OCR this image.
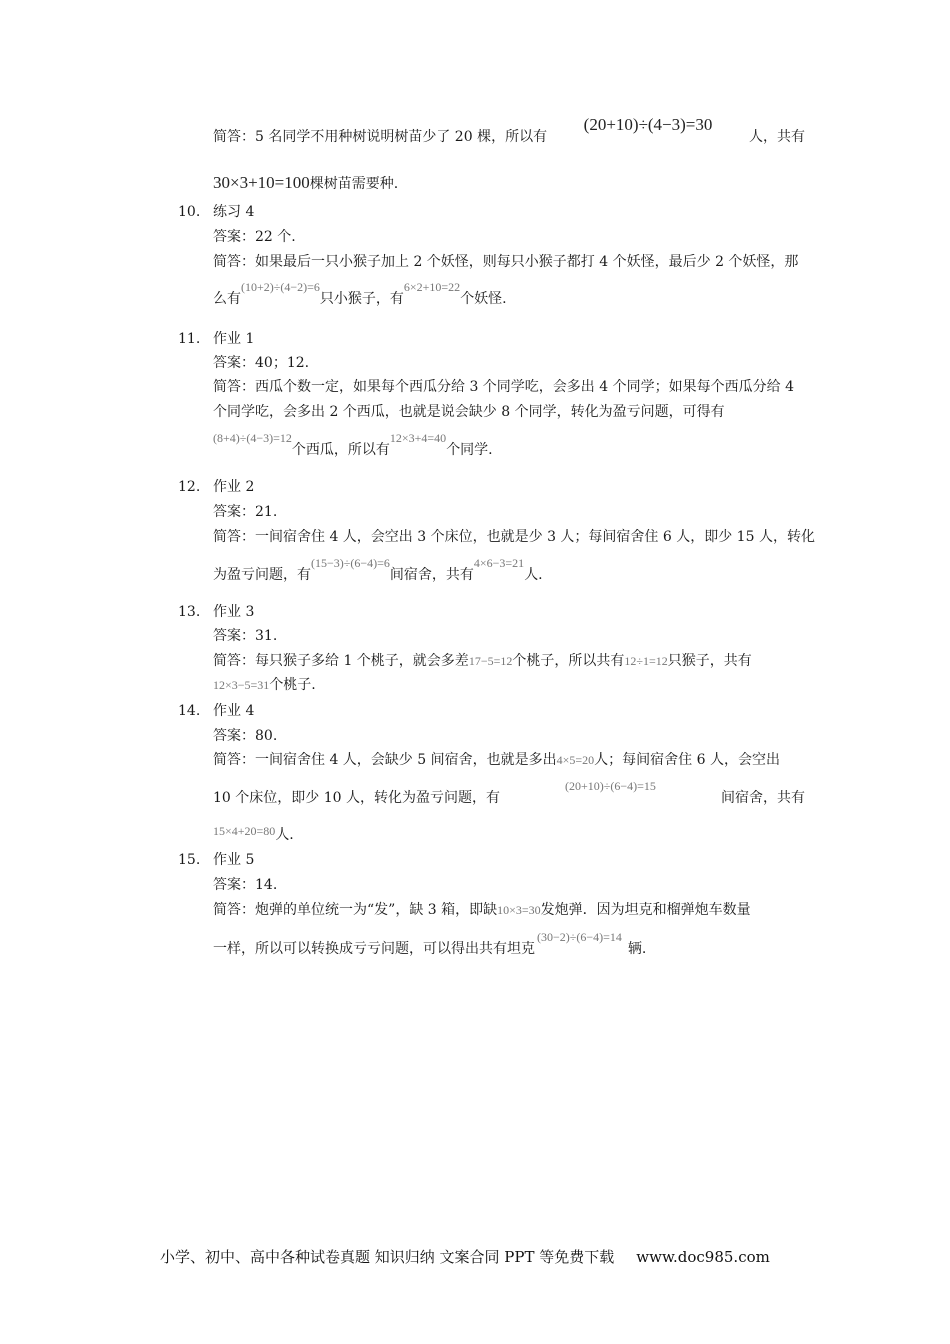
简答：5 名同学不用种树说明树苗少了 20 棵，所以有
(20+10)÷(4−3)=30
人，共有
30×3+10=100棵树苗需要种.
10. 练习 4
答案：22 个.
简答：如果最后一只小猴子加上 2 个妖怪，则每只小猴子都打 4 个妖怪，最后少 2 个妖怪，那
么有(10+2)÷(4−2)=6只小猴子，有6×2+10=22个妖怪.
11. 作业 1
答案：40；12.
简答：西瓜个数一定，如果每个西瓜分给 3 个同学吃，会多出 4 个同学；如果每个西瓜分给 4
个同学吃，会多出 2 个西瓜，也就是说会缺少 8 个同学，转化为盈亏问题，可得有
(8+4)÷(4−3)=12个西瓜，所以有12×3+4=40个同学.
12. 作业 2
答案：21.
简答：一间宿舍住 4 人，会空出 3 个床位，也就是少 3 人；每间宿舍住 6 人，即少 15 人，转化
为盈亏问题，有(15−3)÷(6−4)=6间宿舍，共有4×6−3=21人.
13. 作业 3
答案：31.
简答：每只猴子多给 1 个桃子，就会多差17−5=12个桃子，所以共有12÷1=12只猴子，共有
12×3−5=31个桃子.
14. 作业 4
答案：80.
简答：一间宿舍住 4 人，会缺少 5 间宿舍，也就是多出4×5=20人；每间宿舍住 6 人，会空出
10 个床位，即少 10 人，转化为盈亏问题，有
(20+10)÷(6−4)=15
间宿舍，共有
15×4+20=80人.
15. 作业 5
答案：14.
简答：炮弹的单位统一为“发”，缺 3 箱，即缺10×3=30发炮弹．因为坦克和榴弹炮车数量
一样，所以可以转换成亏亏问题，可以得出共有坦克(30−2)÷(6−4)=14辆.
小学、初中、高中各种试卷真题 知识归纳 文案合同 PPT 等免费下载 www.doc985.com
